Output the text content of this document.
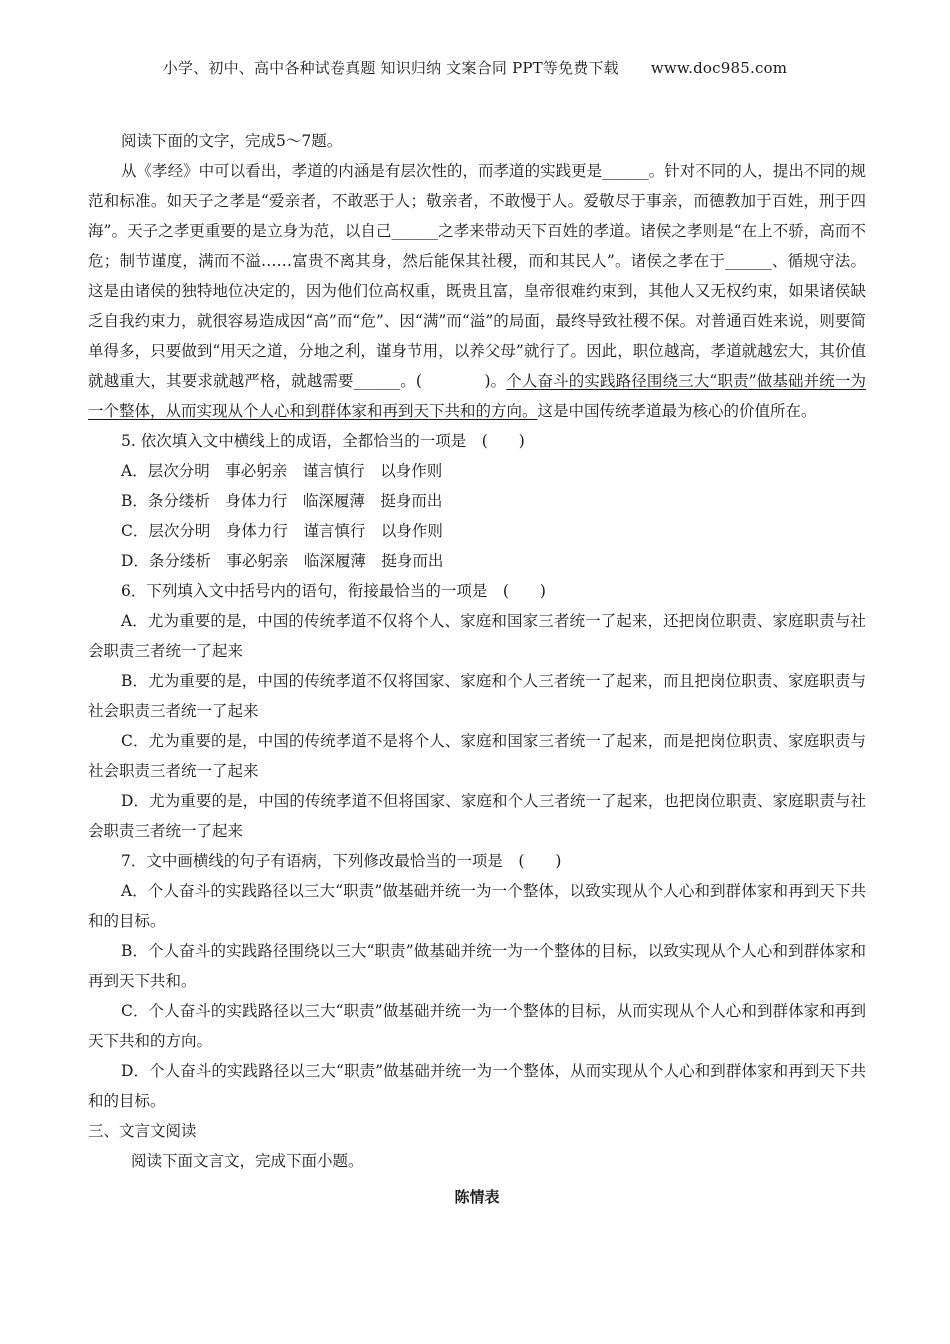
小学、初中、高中各种试卷真题 知识归纳 文案合同 PPT等免费下载 www.doc985.com

阅读下面的文字，完成5～7题。

从《孝经》中可以看出，孝道的内涵是有层次性的，而孝道的实践更是______。针对不同的人，提出不同的规范和标准。如天子之孝是“爱亲者，不敢恶于人；敬亲者，不敢慢于人。爱敬尽于事亲，而德教加于百姓，刑于四海”。天子之孝更重要的是立身为范，以自己______之孝来带动天下百姓的孝道。诸侯之孝则是“在上不骄，高而不危；制节谨度，满而不溢……富贵不离其身，然后能保其社稷，而和其民人”。诸侯之孝在于______、循规守法。这是由诸侯的独特地位决定的，因为他们位高权重，既贵且富，皇帝很难约束到，其他人又无权约束，如果诸侯缺乏自我约束力，就很容易造成因“高”而“危”、因“满”而“溢”的局面，最终导致社稷不保。对普通百姓来说，则要简单得多，只要做到“用天之道，分地之利，谨身节用，以养父母”就行了。因此，职位越高，孝道就越宏大，其价值就越重大，其要求就越严格，就越需要______。(　　　　)。个人奋斗的实践路径围绕三大“职责”做基础并统一为一个整体，从而实现从个人心和到群体家和再到天下共和的方向。这是中国传统孝道最为核心的价值所在。

5. 依次填入文中横线上的成语，全都恰当的一项是　(　　)

A．层次分明　事必躬亲　谨言慎行　以身作则

B．条分缕析　身体力行　临深履薄　挺身而出

C．层次分明　身体力行　谨言慎行　以身作则

D．条分缕析　事必躬亲　临深履薄　挺身而出

6．下列填入文中括号内的语句，衔接最恰当的一项是　(　　)

A．尤为重要的是，中国的传统孝道不仅将个人、家庭和国家三者统一了起来，还把岗位职责、家庭职责与社会职责三者统一了起来

B．尤为重要的是，中国的传统孝道不仅将国家、家庭和个人三者统一了起来，而且把岗位职责、家庭职责与社会职责三者统一了起来

C．尤为重要的是，中国的传统孝道不是将个人、家庭和国家三者统一了起来，而是把岗位职责、家庭职责与社会职责三者统一了起来

D．尤为重要的是，中国的传统孝道不但将国家、家庭和个人三者统一了起来，也把岗位职责、家庭职责与社会职责三者统一了起来

7．文中画横线的句子有语病，下列修改最恰当的一项是　(　　)

A．个人奋斗的实践路径以三大“职责”做基础并统一为一个整体，以致实现从个人心和到群体家和再到天下共和的目标。

B．个人奋斗的实践路径围绕以三大“职责”做基础并统一为一个整体的目标，以致实现从个人心和到群体家和再到天下共和。

C．个人奋斗的实践路径以三大“职责”做基础并统一为一个整体的目标，从而实现从个人心和到群体家和再到天下共和的方向。

D．个人奋斗的实践路径以三大“职责”做基础并统一为一个整体，从而实现从个人心和到群体家和再到天下共和的目标。

三、文言文阅读

阅读下面文言文，完成下面小题。

陈情表
